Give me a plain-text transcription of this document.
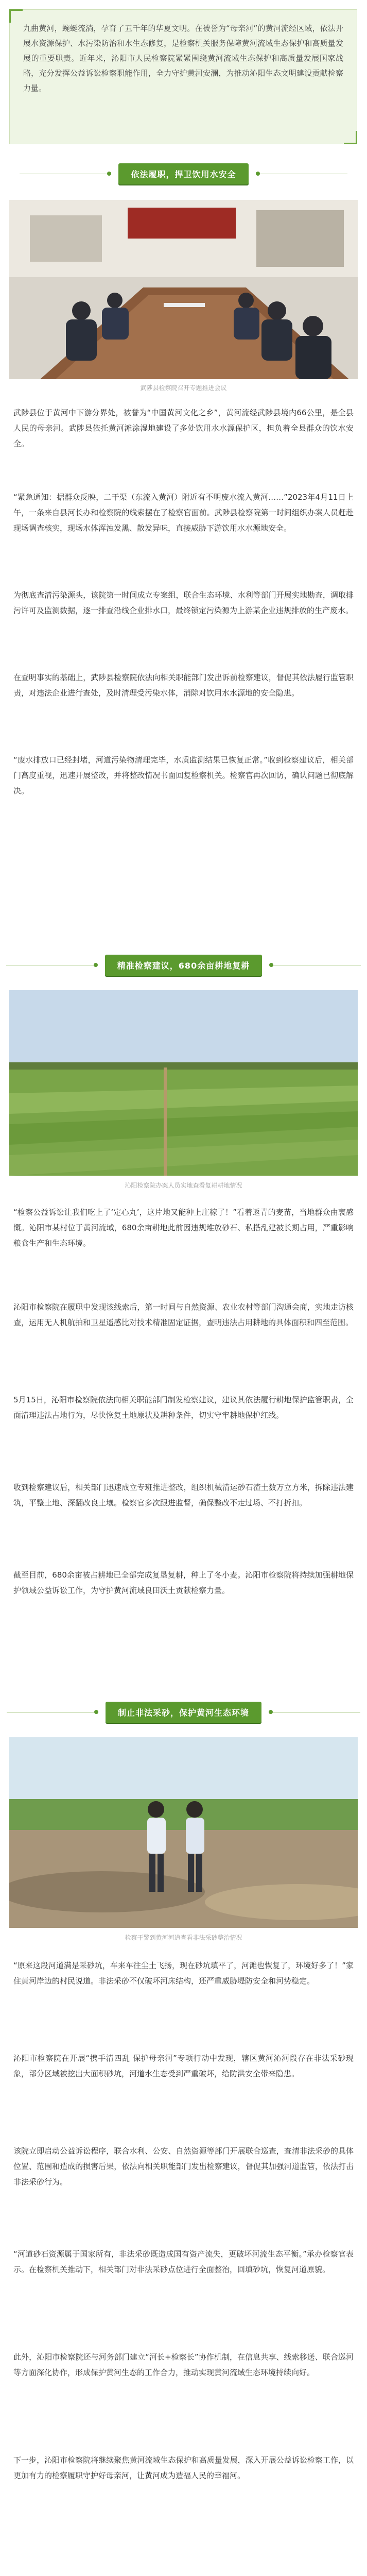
九曲黄河，蜿蜒流淌，孕育了五千年的华夏文明。在被誉为“母亲河”的黄河流经区域，依法开展水资源保护、水污染防治和水生态修复，是检察机关服务保障黄河流域生态保护和高质量发展的重要职责。近年来，沁阳市人民检察院紧紧围绕黄河流域生态保护和高质量发展国家战略，充分发挥公益诉讼检察职能作用，全力守护黄河安澜，为推动沁阳生态文明建设贡献检察力量。

依法履职，捍卫饮用水安全
武陟县检察院召开专题推进会议

武陟县位于黄河中下游分界处，被誉为“中国黄河文化之乡”，黄河流经武陟县境内66公里，是全县人民的母亲河。武陟县依托黄河滩涂湿地建设了多处饮用水水源保护区，担负着全县群众的饮水安全。

“紧急通知：据群众反映，二干渠（东流入黄河）附近有不明废水流入黄河……”2023年4月11日上午，一条来自县河长办和检察院的线索摆在了检察官面前。武陟县检察院第一时间组织办案人员赶赴现场调查核实，现场水体浑浊发黑、散发异味，直接威胁下游饮用水水源地安全。

为彻底查清污染源头，该院第一时间成立专案组，联合生态环境、水利等部门开展实地勘查，调取排污许可及监测数据，逐一排查沿线企业排水口，最终锁定污染源为上游某企业违规排放的生产废水。

在查明事实的基础上，武陟县检察院依法向相关职能部门发出诉前检察建议，督促其依法履行监管职责，对违法企业进行查处，及时清理受污染水体，消除对饮用水水源地的安全隐患。

“废水排放口已经封堵，河道污染物清理完毕，水质监测结果已恢复正常。”收到检察建议后，相关部门高度重视，迅速开展整改，并将整改情况书面回复检察机关。检察官再次回访，确认问题已彻底解决。

精准检察建议，680余亩耕地复耕
沁阳检察院办案人员实地查看复耕耕地情况

“检察公益诉讼让我们吃上了‘定心丸’，这片地又能种上庄稼了！”看着返青的麦苗，当地群众由衷感慨。沁阳市某村位于黄河流域，680余亩耕地此前因违规堆放砂石、私搭乱建被长期占用，严重影响粮食生产和生态环境。

沁阳市检察院在履职中发现该线索后，第一时间与自然资源、农业农村等部门沟通会商，实地走访核查，运用无人机航拍和卫星遥感比对技术精准固定证据，查明违法占用耕地的具体面积和四至范围。

5月15日，沁阳市检察院依法向相关职能部门制发检察建议，建议其依法履行耕地保护监管职责，全面清理违法占地行为，尽快恢复土地原状及耕种条件，切实守牢耕地保护红线。

收到检察建议后，相关部门迅速成立专班推进整改，组织机械清运砂石渣土数万立方米，拆除违法建筑，平整土地、深翻改良土壤。检察官多次跟进监督，确保整改不走过场、不打折扣。

截至目前，680余亩被占耕地已全部完成复垦复耕，种上了冬小麦。沁阳市检察院将持续加强耕地保护领域公益诉讼工作，为守护黄河流域良田沃土贡献检察力量。

制止非法采砂，保护黄河生态环境
检察干警到黄河河道查看非法采砂整治情况

“原来这段河道满是采砂坑，车来车往尘土飞扬，现在砂坑填平了，河滩也恢复了，环境好多了！”家住黄河岸边的村民说道。非法采砂不仅破坏河床结构，还严重威胁堤防安全和河势稳定。

沁阳市检察院在开展“携手清四乱 保护母亲河”专项行动中发现，辖区黄河沁河段存在非法采砂现象，部分区域被挖出大面积砂坑，河道水生态受到严重破坏，给防洪安全带来隐患。

该院立即启动公益诉讼程序，联合水利、公安、自然资源等部门开展联合巡查，查清非法采砂的具体位置、范围和造成的损害后果，依法向相关职能部门发出检察建议，督促其加强河道监管，依法打击非法采砂行为。

“河道砂石资源属于国家所有，非法采砂既造成国有资产流失，更破坏河流生态平衡。”承办检察官表示。在检察机关推动下，相关部门对非法采砂点位进行全面整治，回填砂坑，恢复河道原貌。

此外，沁阳市检察院还与河务部门建立“河长+检察长”协作机制，在信息共享、线索移送、联合巡河等方面深化协作，形成保护黄河生态的工作合力，推动实现黄河流域生态环境持续向好。

下一步，沁阳市检察院将继续聚焦黄河流域生态保护和高质量发展，深入开展公益诉讼检察工作，以更加有力的检察履职守护好母亲河，让黄河成为造福人民的幸福河。
